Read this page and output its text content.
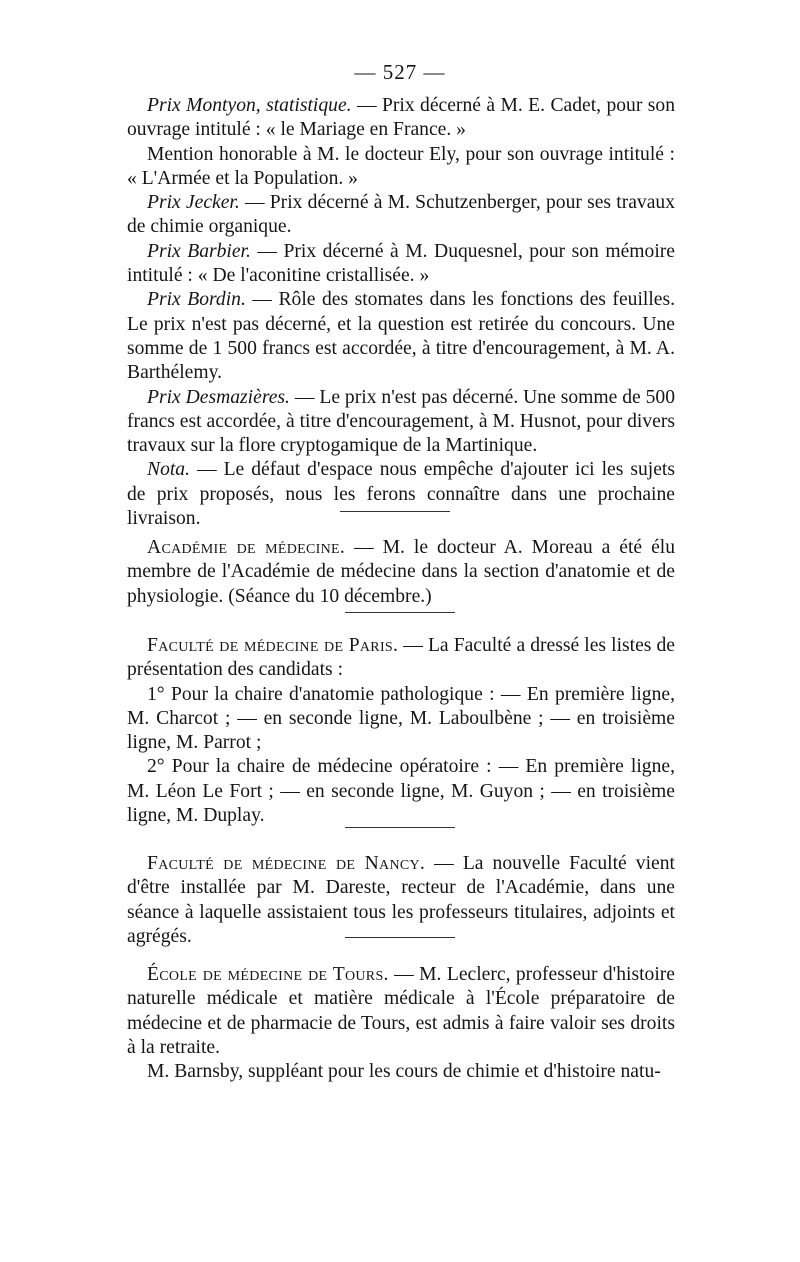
— 527 —

Prix Montyon, statistique. — Prix décerné à M. E. Cadet, pour son ouvrage intitulé : « le Mariage en France. »

Mention honorable à M. le docteur Ely, pour son ouvrage intitulé : « L'Armée et la Population. »

Prix Jecker. — Prix décerné à M. Schutzenberger, pour ses travaux de chimie organique.

Prix Barbier. — Prix décerné à M. Duquesnel, pour son mémoire intitulé : « De l'aconitine cristallisée. »

Prix Bordin. — Rôle des stomates dans les fonctions des feuilles. Le prix n'est pas décerné, et la question est retirée du concours. Une somme de 1 500 francs est accordée, à titre d'encouragement, à M. A. Barthélemy.

Prix Desmazières. — Le prix n'est pas décerné. Une somme de 500 francs est accordée, à titre d'encouragement, à M. Husnot, pour divers travaux sur la flore cryptogamique de la Martinique.

Nota. — Le défaut d'espace nous empêche d'ajouter ici les sujets de prix proposés, nous les ferons connaître dans une prochaine livraison.

Académie de médecine. — M. le docteur A. Moreau a été élu membre de l'Académie de médecine dans la section d'anatomie et de physiologie. (Séance du 10 décembre.)

Faculté de médecine de Paris. — La Faculté a dressé les listes de présentation des candidats :

1° Pour la chaire d'anatomie pathologique : — En première ligne, M. Charcot ; — en seconde ligne, M. Laboulbène ; — en troisième ligne, M. Parrot ;

2° Pour la chaire de médecine opératoire : — En première ligne, M. Léon Le Fort ; — en seconde ligne, M. Guyon ; — en troisième ligne, M. Duplay.

Faculté de médecine de Nancy. — La nouvelle Faculté vient d'être installée par M. Dareste, recteur de l'Académie, dans une séance à laquelle assistaient tous les professeurs titulaires, adjoints et agrégés.

École de médecine de Tours. — M. Leclerc, professeur d'histoire naturelle médicale et matière médicale à l'École préparatoire de médecine et de pharmacie de Tours, est admis à faire valoir ses droits à la retraite.

M. Barnsby, suppléant pour les cours de chimie et d'histoire natu-
